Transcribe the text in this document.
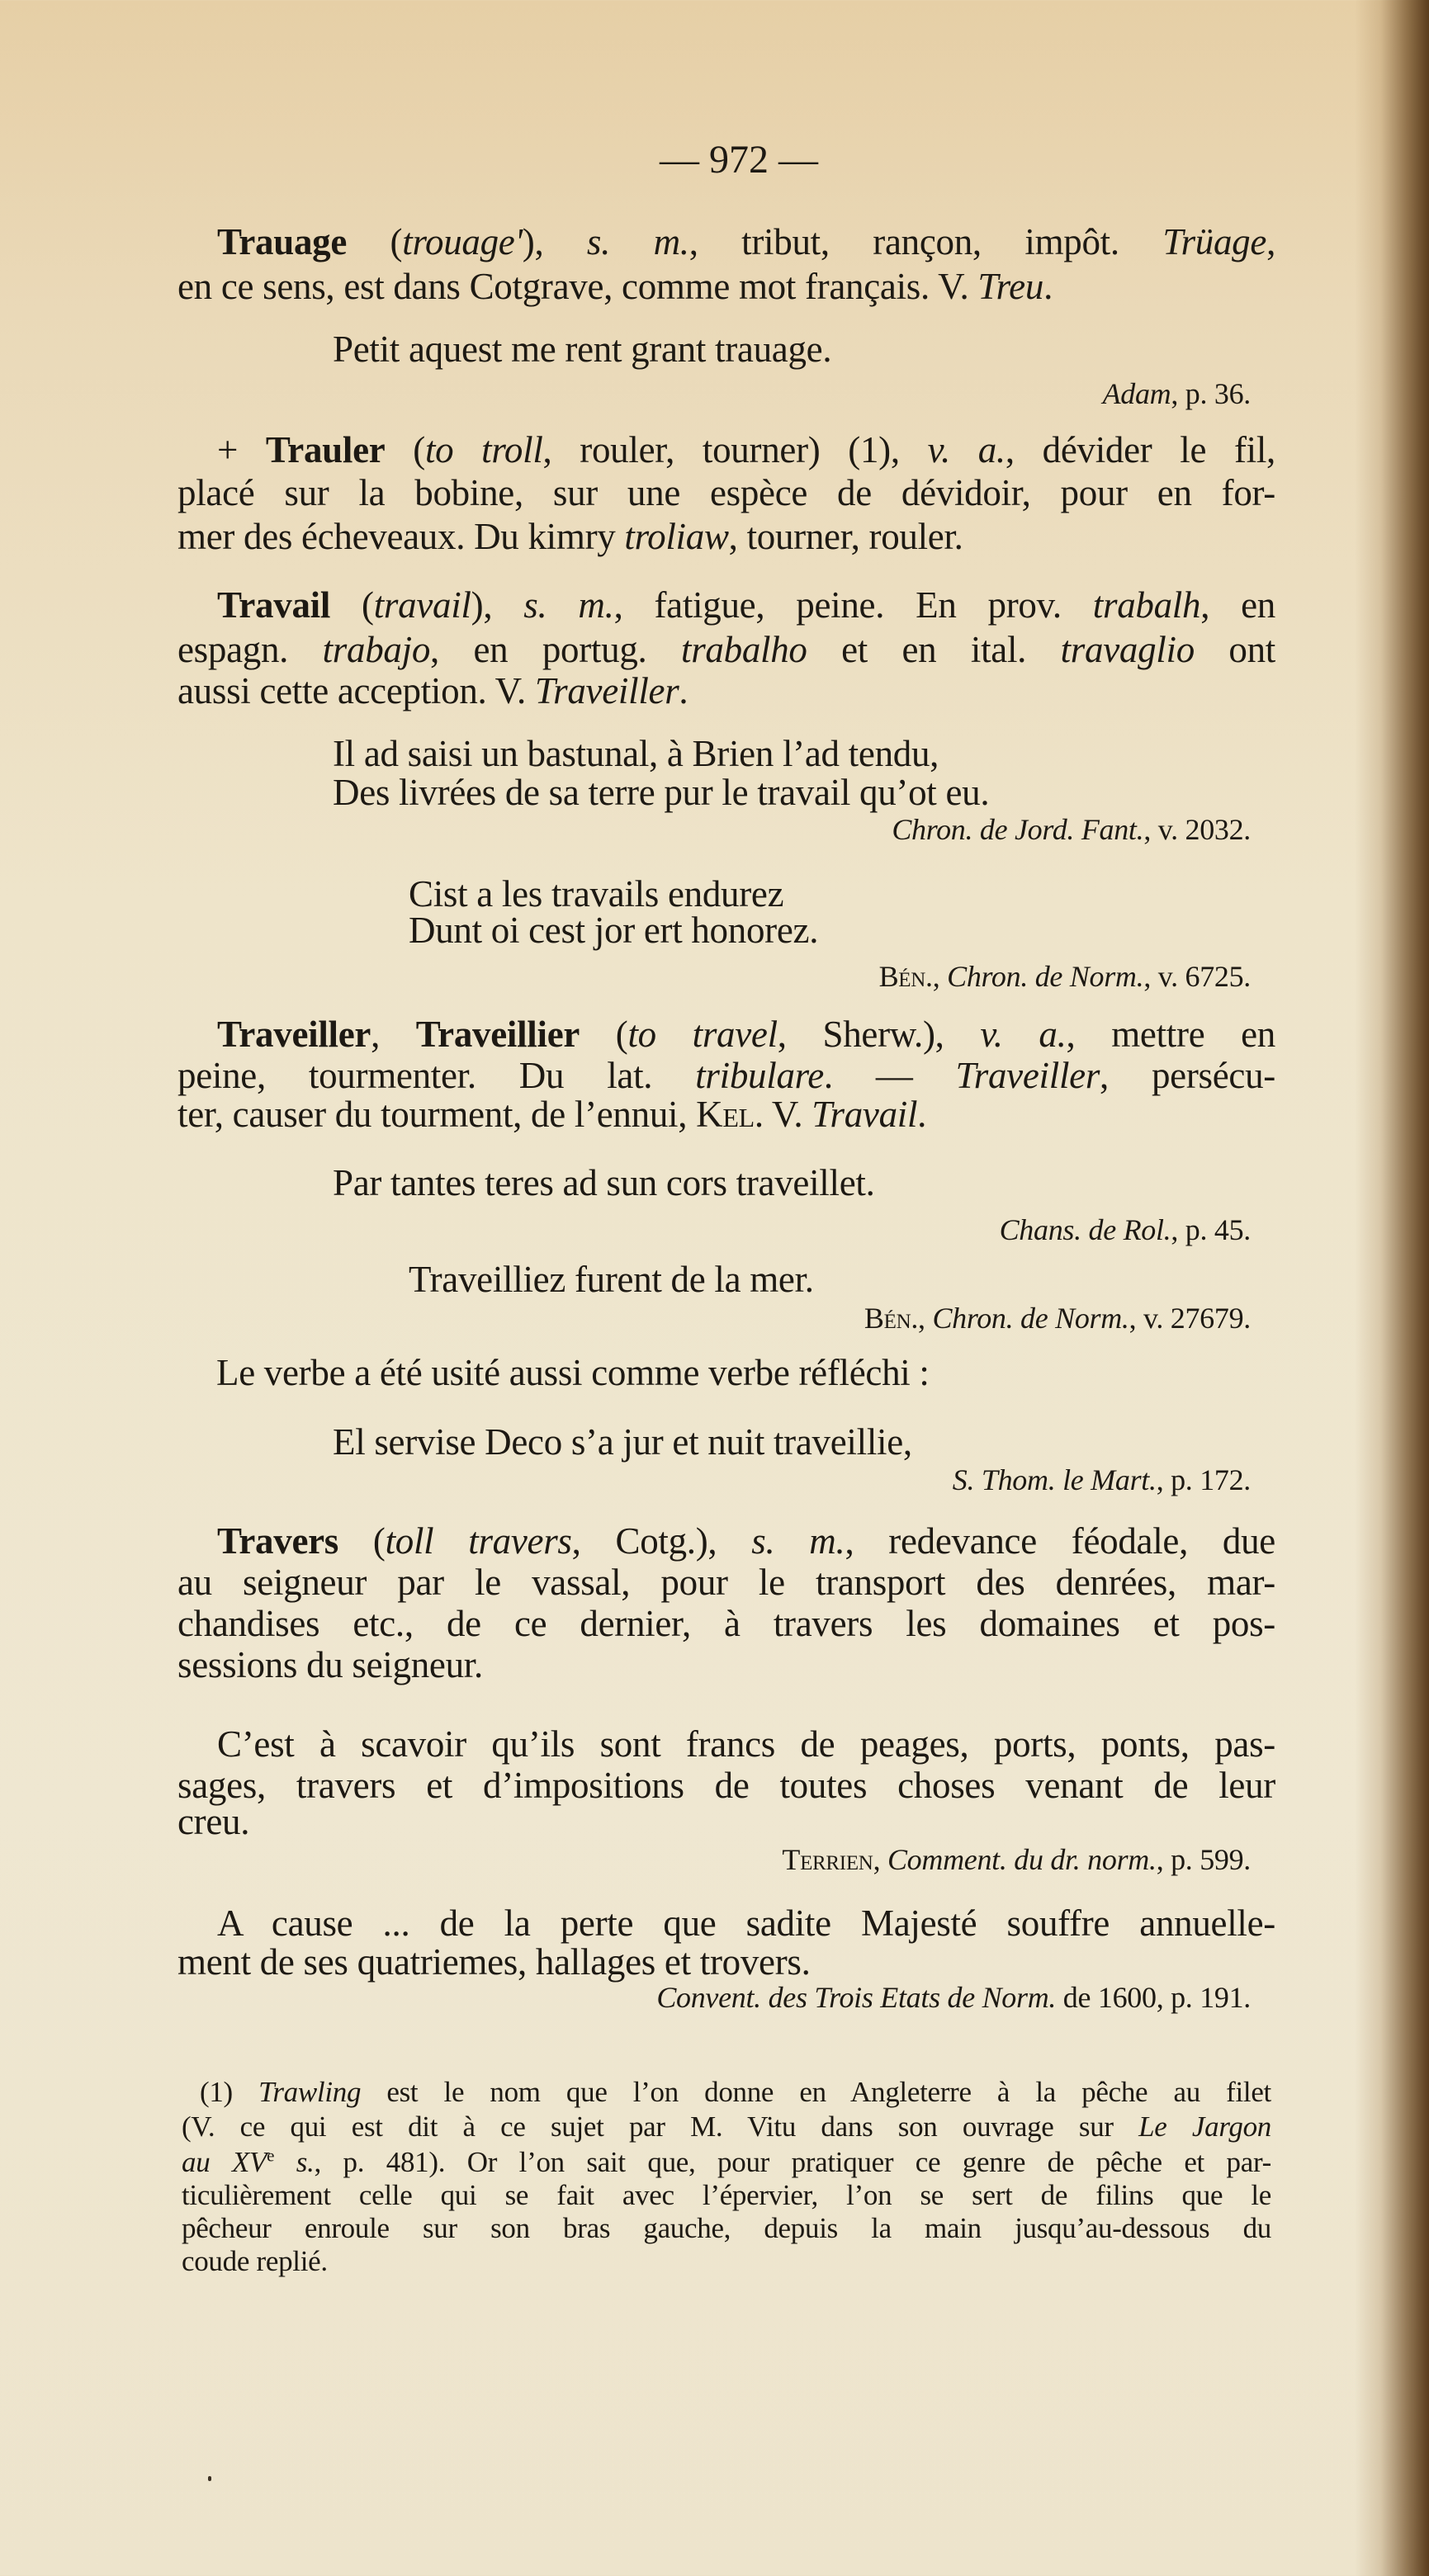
— 972 —
Trauage (trouage'), s. m., tribut, rançon, impôt. Trüage,
en ce sens, est dans Cotgrave, comme mot français. V. Treu.
Petit aquest me rent grant trauage.
Adam, p. 36.
+ Trauler (to troll, rouler, tourner) (1), v. a., dévider le fil,
placé sur la bobine, sur une espèce de dévidoir, pour en for-
mer des écheveaux. Du kimry troliaw, tourner, rouler.
Travail (travail), s. m., fatigue, peine. En prov. trabalh, en
espagn. trabajo, en portug. trabalho et en ital. travaglio ont
aussi cette acception. V. Traveiller.
Il ad saisi un bastunal, à Brien l’ad tendu,
Des livrées de sa terre pur le travail qu’ot eu.
Chron. de Jord. Fant., v. 2032.
Cist a les travails endurez
Dunt oi cest jor ert honorez.
Bén., Chron. de Norm., v. 6725.
Traveiller, Traveillier (to travel, Sherw.), v. a., mettre en
peine, tourmenter. Du lat. tribulare. — Traveiller, persécu-
ter, causer du tourment, de l’ennui, Kel. V. Travail.
Par tantes teres ad sun cors traveillet.
Chans. de Rol., p. 45.
Traveilliez furent de la mer.
Bén., Chron. de Norm., v. 27679.
Le verbe a été usité aussi comme verbe réfléchi :
El servise Deco s’a jur et nuit traveillie,
S. Thom. le Mart., p. 172.
Travers (toll travers, Cotg.), s. m., redevance féodale, due
au seigneur par le vassal, pour le transport des denrées, mar-
chandises etc., de ce dernier, à travers les domaines et pos-
sessions du seigneur.
C’est à scavoir qu’ils sont francs de peages, ports, ponts, pas-
sages, travers et d’impositions de toutes choses venant de leur
creu.
Terrien, Comment. du dr. norm., p. 599.
A cause ... de la perte que sadite Majesté souffre annuelle-
ment de ses quatriemes, hallages et trovers.
Convent. des Trois Etats de Norm. de 1600, p. 191.
(1) Trawling est le nom que l’on donne en Angleterre à la pêche au filet
(V. ce qui est dit à ce sujet par M. Vitu dans son ouvrage sur Le Jargon
au XVe s., p. 481). Or l’on sait que, pour pratiquer ce genre de pêche et par-
ticulièrement celle qui se fait avec l’épervier, l’on se sert de filins que le
pêcheur enroule sur son bras gauche, depuis la main jusqu’au-dessous du
coude replié.
